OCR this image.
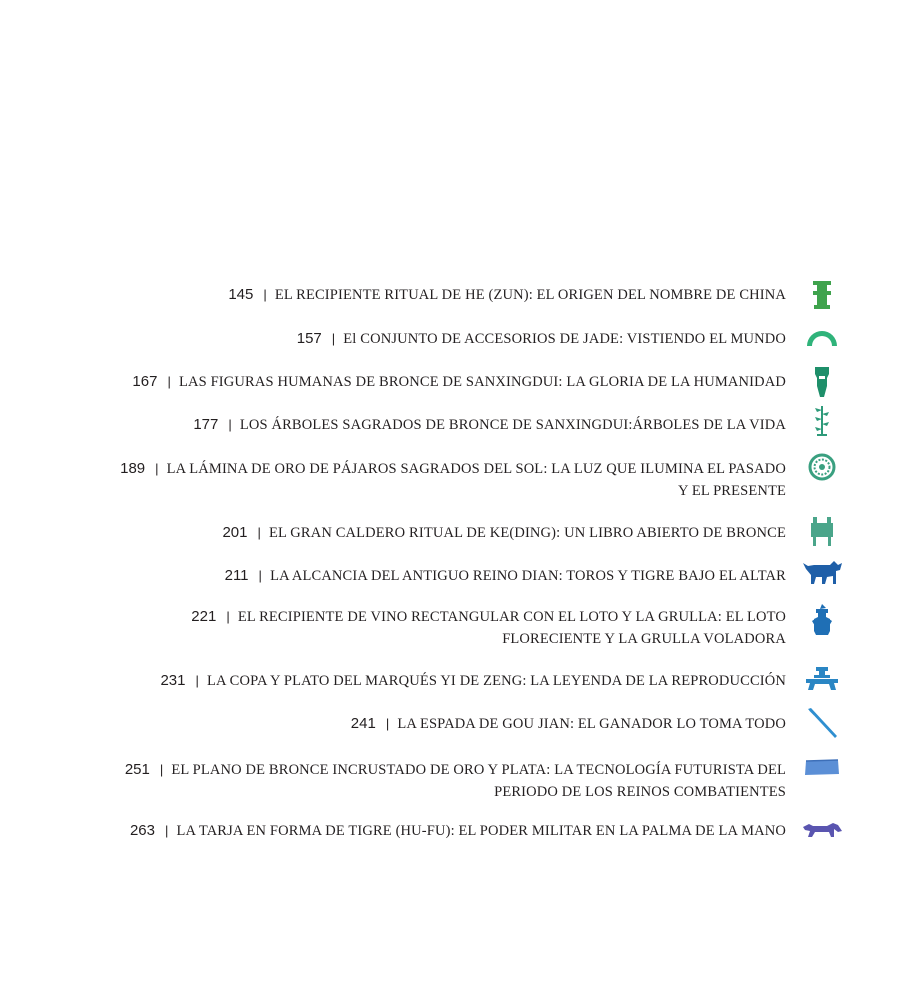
145 | EL RECIPIENTE RITUAL DE HE (ZUN): EL ORIGEN DEL NOMBRE DE CHINA
157 | El CONJUNTO DE ACCESORIOS DE JADE: VISTIENDO EL MUNDO
167 | LAS FIGURAS HUMANAS DE BRONCE DE SANXINGDUI: LA GLORIA DE LA HUMANIDAD
177 | LOS ÁRBOLES SAGRADOS DE BRONCE DE SANXINGDUI:ÁRBOLES DE LA VIDA
189 | LA LÁMINA DE ORO DE PÁJAROS SAGRADOS DEL SOL: LA LUZ QUE ILUMINA EL PASADO
Y EL PRESENTE
201 | EL GRAN CALDERO RITUAL DE KE(DING): UN LIBRO ABIERTO DE BRONCE
211 | LA ALCANCIA DEL ANTIGUO REINO DIAN: TOROS Y TIGRE BAJO EL ALTAR
221 | EL RECIPIENTE DE VINO RECTANGULAR CON EL LOTO Y LA GRULLA: EL LOTO
FLORECIENTE Y LA GRULLA VOLADORA
231 | LA COPA Y PLATO DEL MARQUÉS YI DE ZENG: LA LEYENDA DE LA REPRODUCCIÓN
241 | LA ESPADA DE GOU JIAN: EL GANADOR LO TOMA TODO
251 | EL PLANO DE BRONCE INCRUSTADO DE ORO Y PLATA: LA TECNOLOGÍA FUTURISTA DEL
PERIODO DE LOS REINOS COMBATIENTES
263 | LA TARJA EN FORMA DE TIGRE (HU-FU): EL PODER MILITAR EN LA PALMA DE LA MANO
